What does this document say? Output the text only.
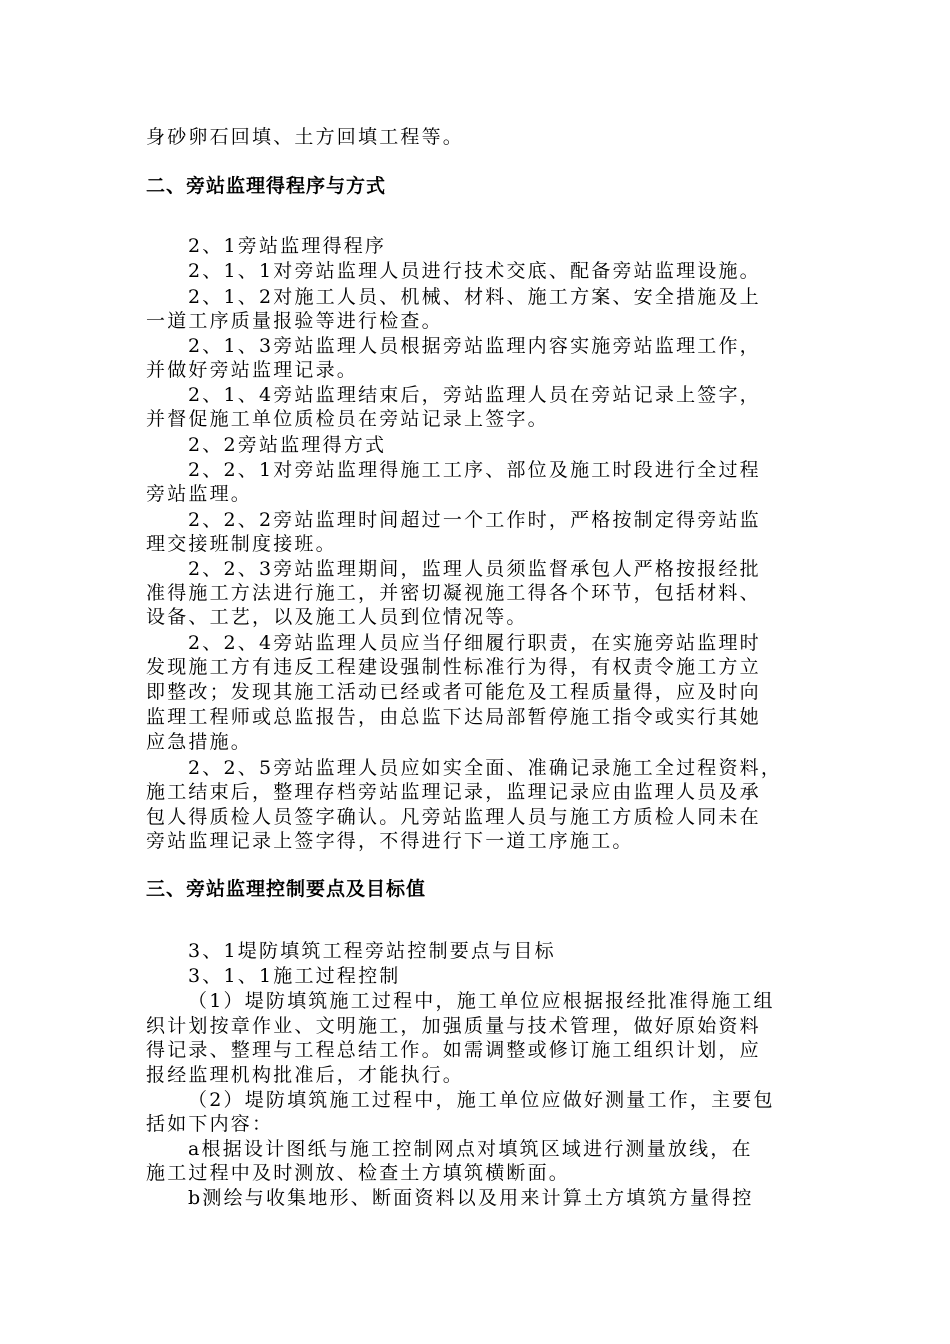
身砂卵石回填、土方回填工程等。
二、旁站监理得程序与方式
2、1旁站监理得程序
2、1、1对旁站监理人员进行技术交底、配备旁站监理设施。
2、1、2对施工人员、机械、材料、施工方案、安全措施及上
一道工序质量报验等进行检查。
2、1、3旁站监理人员根据旁站监理内容实施旁站监理工作，
并做好旁站监理记录。
2、1、4旁站监理结束后，旁站监理人员在旁站记录上签字，
并督促施工单位质检员在旁站记录上签字。
2、2旁站监理得方式
2、2、1对旁站监理得施工工序、部位及施工时段进行全过程
旁站监理。
2、2、2旁站监理时间超过一个工作时，严格按制定得旁站监
理交接班制度接班。
2、2、3旁站监理期间，监理人员须监督承包人严格按报经批
准得施工方法进行施工，并密切凝视施工得各个环节，包括材料、
设备、工艺，以及施工人员到位情况等。
2、2、4旁站监理人员应当仔细履行职责，在实施旁站监理时
发现施工方有违反工程建设强制性标准行为得，有权责令施工方立
即整改；发现其施工活动已经或者可能危及工程质量得，应及时向
监理工程师或总监报告，由总监下达局部暂停施工指令或实行其她
应急措施。
2、2、5旁站监理人员应如实全面、准确记录施工全过程资料，
施工结束后，整理存档旁站监理记录，监理记录应由监理人员及承
包人得质检人员签字确认。凡旁站监理人员与施工方质检人同未在
旁站监理记录上签字得，不得进行下一道工序施工。
三、旁站监理控制要点及目标值
3、1堤防填筑工程旁站控制要点与目标
3、1、1施工过程控制
（1）堤防填筑施工过程中，施工单位应根据报经批准得施工组
织计划按章作业、文明施工，加强质量与技术管理，做好原始资料
得记录、整理与工程总结工作。如需调整或修订施工组织计划，应
报经监理机构批准后，才能执行。
（2）堤防填筑施工过程中，施工单位应做好测量工作，主要包
括如下内容：
a根据设计图纸与施工控制网点对填筑区域进行测量放线，在
施工过程中及时测放、检查土方填筑横断面。
b测绘与收集地形、断面资料以及用来计算土方填筑方量得控
